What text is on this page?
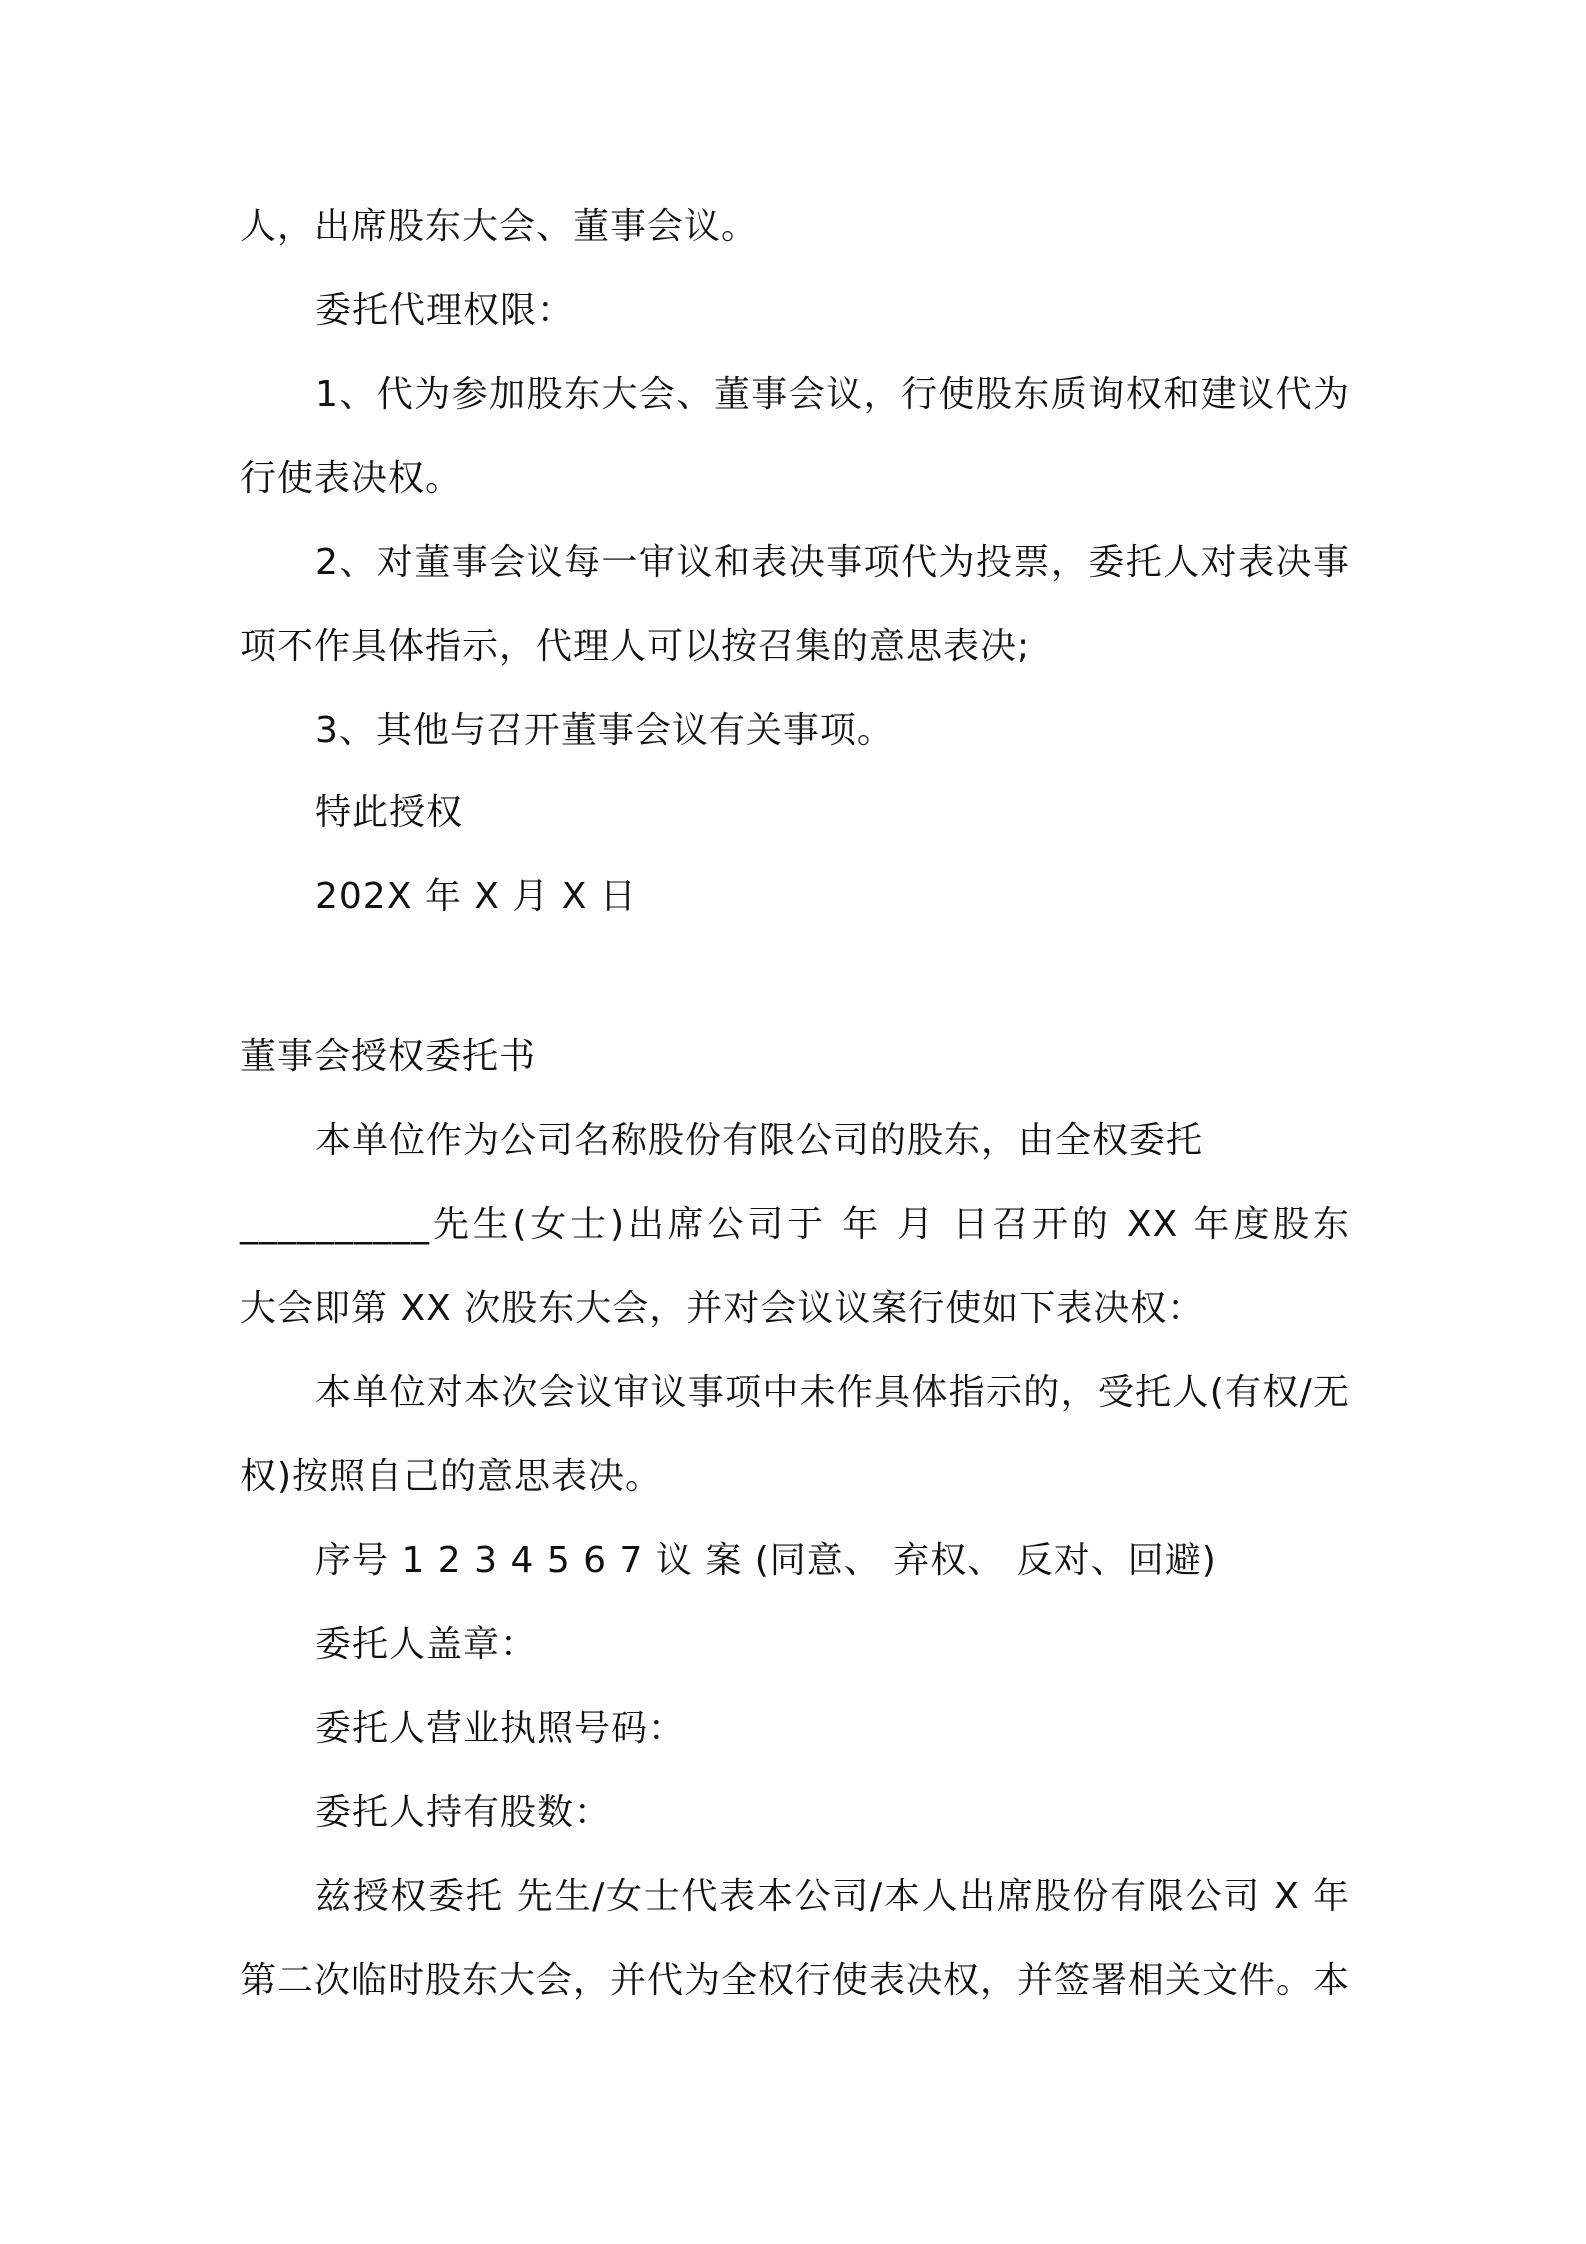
人，出席股东大会、董事会议。
委托代理权限：
1、代为参加股东大会、董事会议，行使股东质询权和建议代为
行使表决权。
2、对董事会议每一审议和表决事项代为投票，委托人对表决事
项不作具体指示，代理人可以按召集的意思表决;
3、其他与召开董事会议有关事项。
特此授权
202X 年 X 月 X 日
董事会授权委托书
本单位作为公司名称股份有限公司的股东，由全权委托
__________先生(女士)出席公司于 年 月 日召开的 XX 年度股东
大会即第 XX 次股东大会，并对会议议案行使如下表决权：
本单位对本次会议审议事项中未作具体指示的，受托人(有权/无
权)按照自己的意思表决。
序号 1 2 3 4 5 6 7 议 案 (同意、 弃权、 反对、回避)
委托人盖章：
委托人营业执照号码：
委托人持有股数：
兹授权委托 先生/女士代表本公司/本人出席股份有限公司 X 年
第二次临时股东大会，并代为全权行使表决权，并签署相关文件。本
